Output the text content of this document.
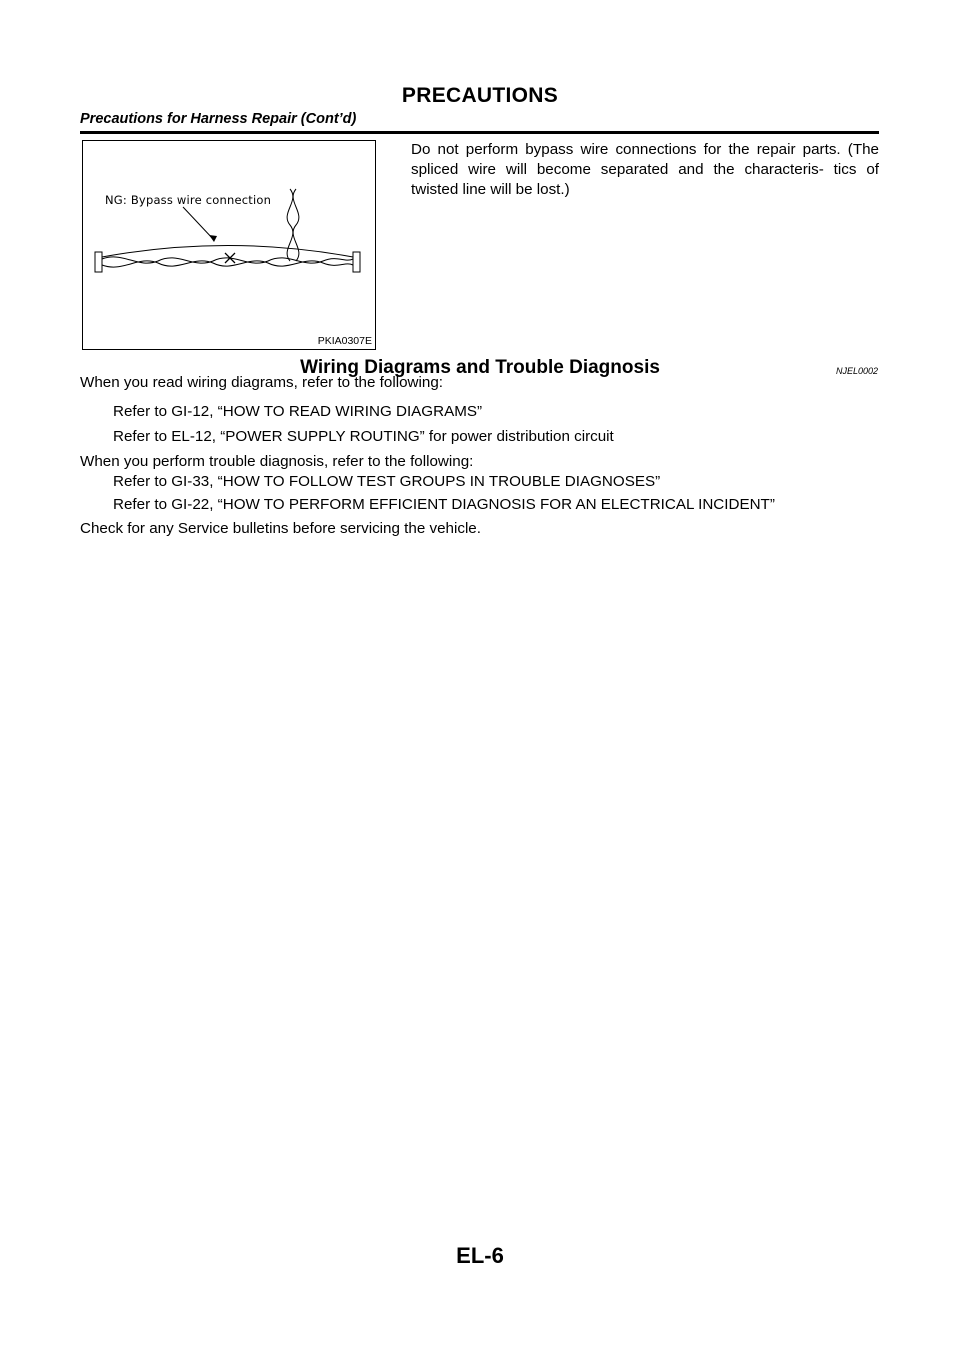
PRECAUTIONS
Precautions for Harness Repair (Cont’d)
NG: Bypass wire connection
PKIA0307E
Do not perform bypass wire connections for the repair parts. (The spliced wire will become separated and the characteris- tics of twisted line will be lost.)
Wiring Diagrams and Trouble Diagnosis	NJEL0002
When you read wiring diagrams, refer to the following:
Refer to GI-12, “HOW TO READ WIRING DIAGRAMS”
Refer to EL-12, “POWER SUPPLY ROUTING” for power distribution circuit
When you perform trouble diagnosis, refer to the following:
Refer to GI-33, “HOW TO FOLLOW TEST GROUPS IN TROUBLE DIAGNOSES”
Refer to GI-22, “HOW TO PERFORM EFFICIENT DIAGNOSIS FOR AN ELECTRICAL INCIDENT”
Check for any Service bulletins before servicing the vehicle.
EL-6
